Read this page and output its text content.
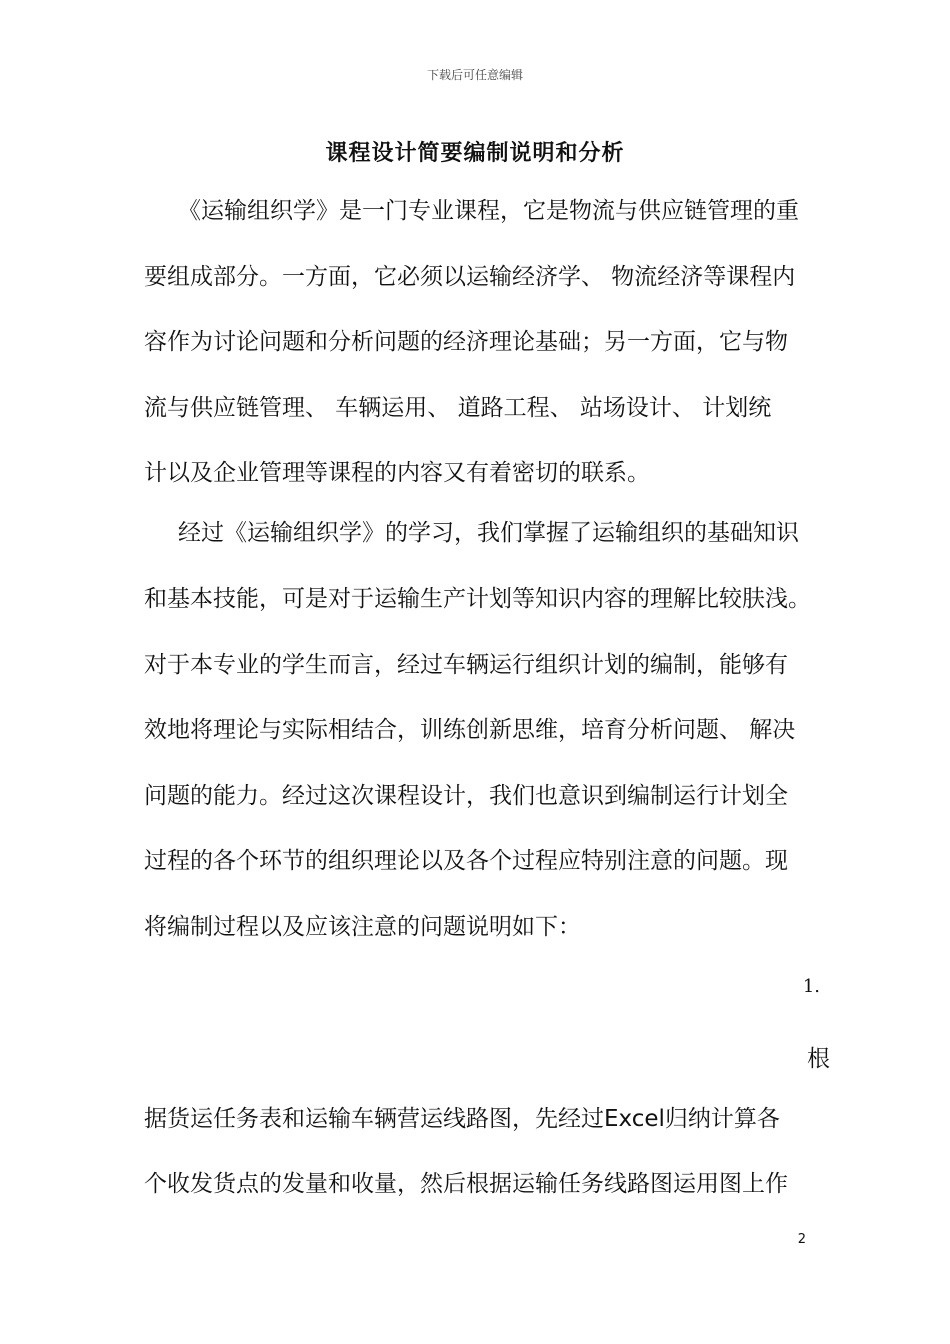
下载后可任意编辑
课程设计简要编制说明和分析
《运输组织学》是一门专业课程，它是物流与供应链管理的重
要组成部分。一方面，它必须以运输经济学、 物流经济等课程内
容作为讨论问题和分析问题的经济理论基础；另一方面，它与物
流与供应链管理、 车辆运用、 道路工程、 站场设计、 计划统
计以及企业管理等课程的内容又有着密切的联系。
经过《运输组织学》的学习，我们掌握了运输组织的基础知识
和基本技能，可是对于运输生产计划等知识内容的理解比较肤浅。
对于本专业的学生而言，经过车辆运行组织计划的编制，能够有
效地将理论与实际相结合，训练创新思维，培育分析问题、 解决
问题的能力。经过这次课程设计，我们也意识到编制运行计划全
过程的各个环节的组织理论以及各个过程应特别注意的问题。现
将编制过程以及应该注意的问题说明如下：
1.
根
据货运任务表和运输车辆营运线路图，先经过Excel归纳计算各
个收发货点的发量和收量，然后根据运输任务线路图运用图上作
2
